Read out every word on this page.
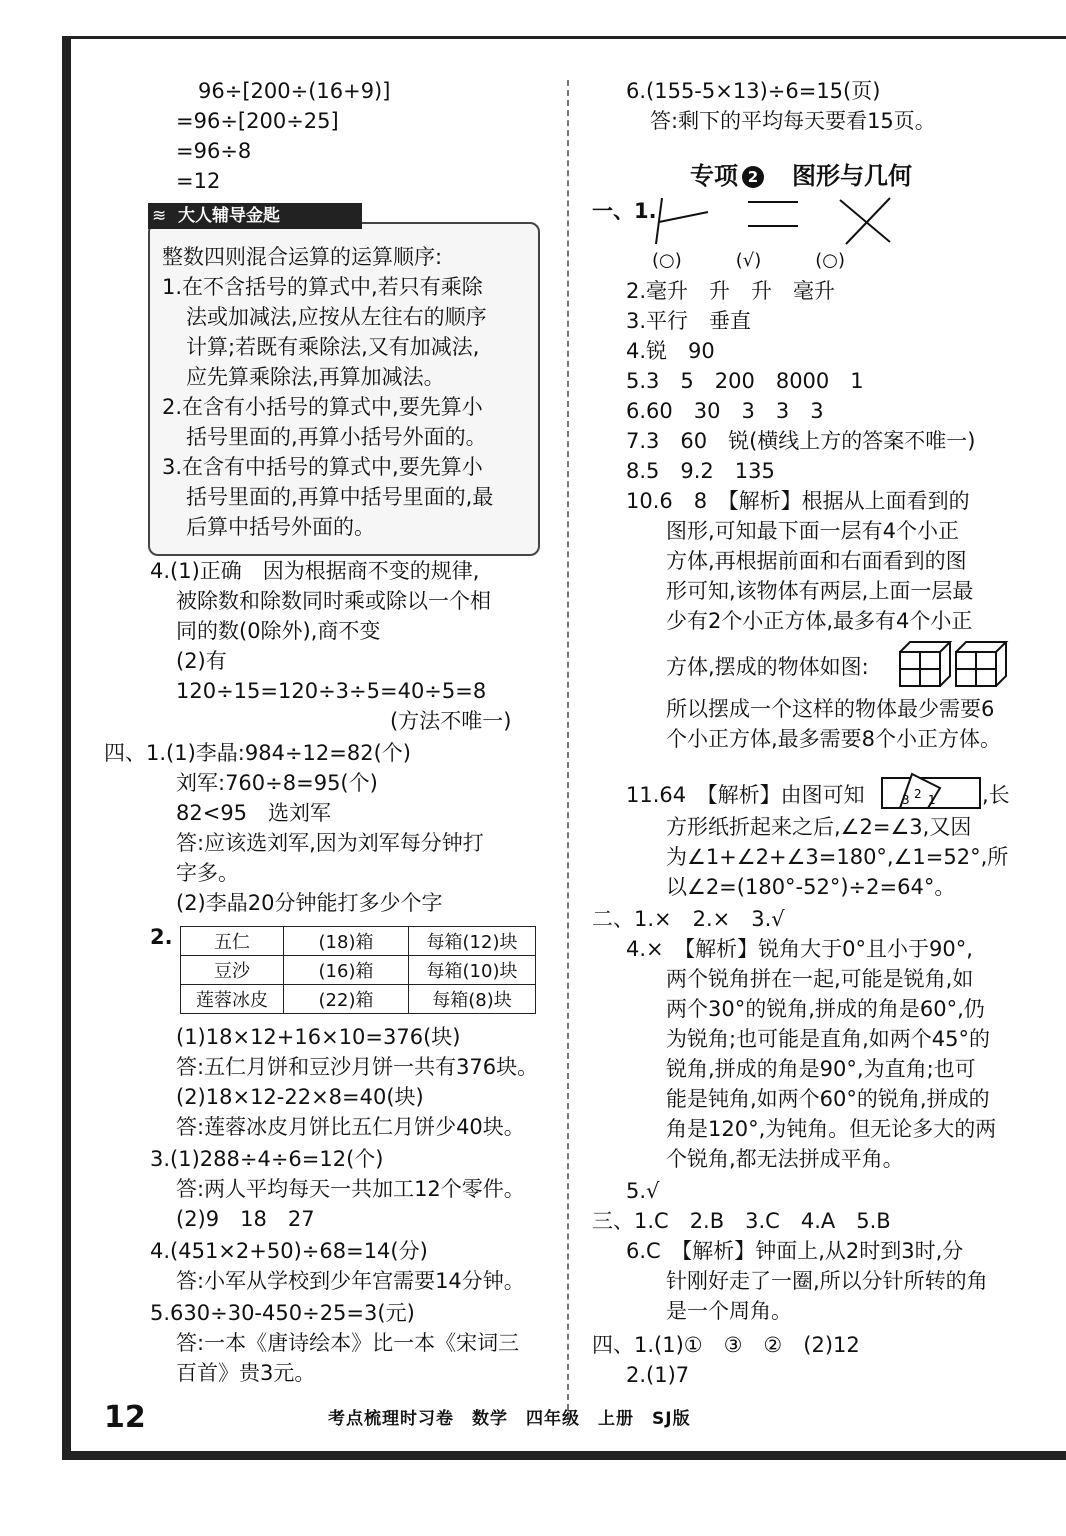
96÷[200÷(16+9)]
=96÷[200÷25]
=96÷8
=12
大人辅导金匙
≋
整数四则混合运算的运算顺序:
1.在不含括号的算式中,若只有乘除
法或加减法,应按从左往右的顺序
计算;若既有乘除法,又有加减法,
应先算乘除法,再算加减法。
2.在含有小括号的算式中,要先算小
括号里面的,再算小括号外面的。
3.在含有中括号的算式中,要先算小
括号里面的,再算中括号里面的,最
后算中括号外面的。
4.(1)正确　因为根据商不变的规律,
被除数和除数同时乘或除以一个相
同的数(0除外),商不变
(2)有
120÷15=120÷3÷5=40÷5=8
(方法不唯一)
四、1.(1)李晶:984÷12=82(个)
刘军:760÷8=95(个)
82<95　选刘军
答:应该选刘军,因为刘军每分钟打
字多。
(2)李晶20分钟能打多少个字
2. 五仁	(18)箱	每箱(12)块
豆沙	(16)箱	每箱(10)块
莲蓉冰皮	(22)箱	每箱(8)块
(1)18×12+16×10=376(块)
答:五仁月饼和豆沙月饼一共有376块。
(2)18×12-22×8=40(块)
答:莲蓉冰皮月饼比五仁月饼少40块。
3.(1)288÷4÷6=12(个)
答:两人平均每天一共加工12个零件。
(2)9　18　27
4.(451×2+50)÷68=14(分)
答:小军从学校到少年宫需要14分钟。
5.630÷30-450÷25=3(元)
答:一本《唐诗绘本》比一本《宋词三
百首》贵3元。
6.(155-5×13)÷6=15(页)
答:剩下的平均每天要看15页。
专项 2　 图形与几何
一、1.
(○)　　　(√)　　　(○)
2.毫升　升　升　毫升
3.平行　垂直
4.锐　90
5.3　5　200　8000　1
6.60　30　3　3　3
7.3　60　锐(横线上方的答案不唯一)
8.5　9.2　135
10.6　8　【解析】根据从上面看到的
图形,可知最下面一层有4个小正
方体,再根据前面和右面看到的图
形可知,该物体有两层,上面一层最
少有2个小正方体,最多有4个小正
方体,摆成的物体如图:
所以摆成一个这样的物体最少需要6
个小正方体,最多需要8个小正方体。
11.64　【解析】由图可知	3 2 1 ,长
方形纸折起来之后,∠2=∠3,又因
为∠1+∠2+∠3=180°,∠1=52°,所
以∠2=(180°-52°)÷2=64°。
二、1.×　2.×　3.√
4.×　【解析】锐角大于0°且小于90°,
两个锐角拼在一起,可能是锐角,如
两个30°的锐角,拼成的角是60°,仍
为锐角;也可能是直角,如两个45°的
锐角,拼成的角是90°,为直角;也可
能是钝角,如两个60°的锐角,拼成的
角是120°,为钝角。但无论多大的两
个锐角,都无法拼成平角。
5.√
三、1.C　2.B　3.C　4.A　5.B
6.C　【解析】钟面上,从2时到3时,分
针刚好走了一圈,所以分针所转的角
是一个周角。
四、1.(1)①　③　②　(2)12
2.(1)7
12	考点梳理时习卷　数学　四年级　上册　SJ版
